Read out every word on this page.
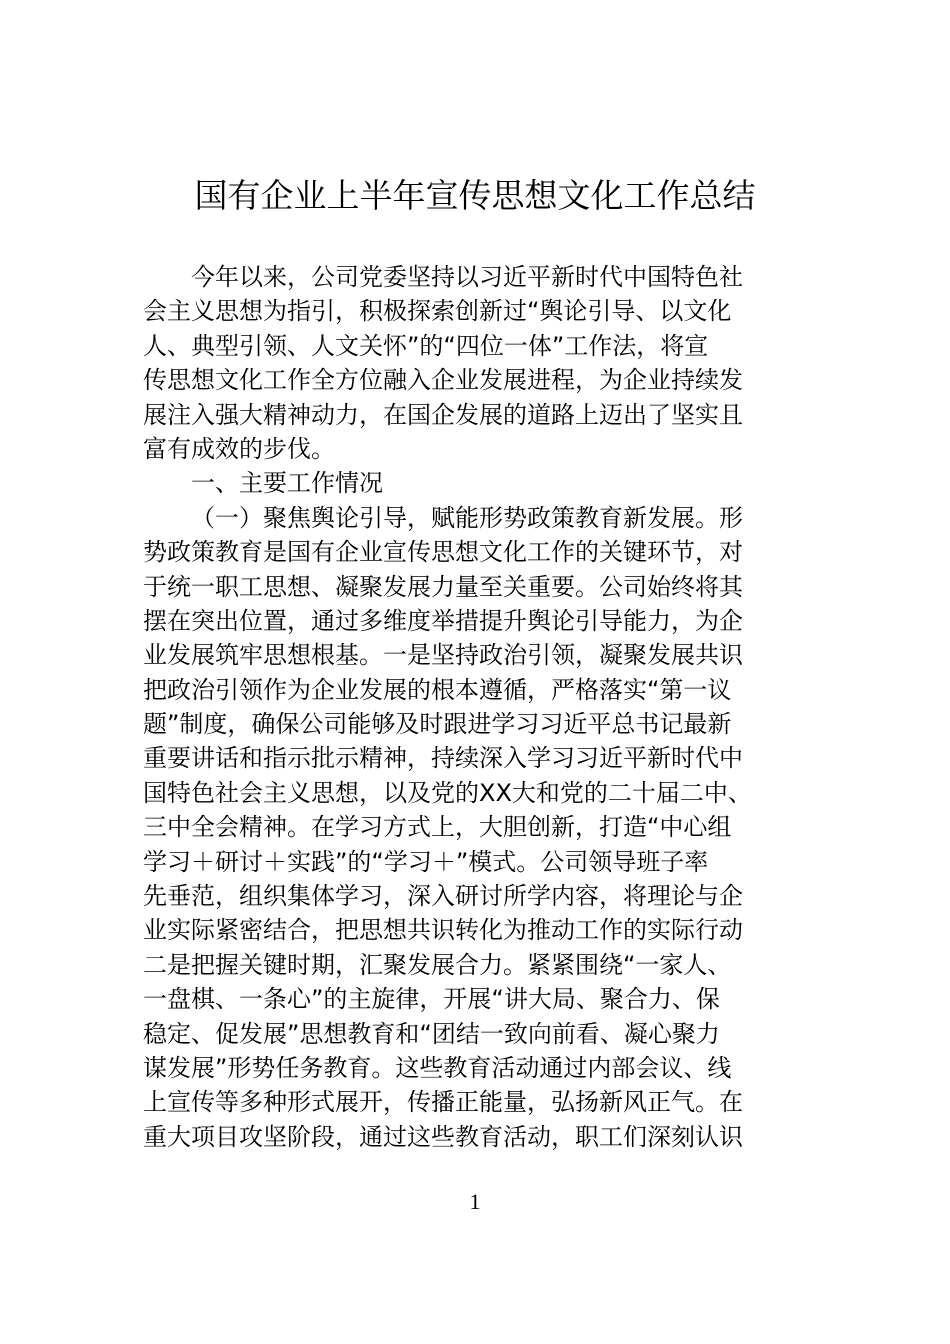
国有企业上半年宣传思想文化工作总结
今年以来，公司党委坚持以习近平新时代中国特色社
会主义思想为指引，积极探索创新过“舆论引导、以文化
人、典型引领、人文关怀”的“四位一体”工作法，将宣
传思想文化工作全方位融入企业发展进程，为企业持续发
展注入强大精神动力，在国企发展的道路上迈出了坚实且
富有成效的步伐。
一、主要工作情况
（一）聚焦舆论引导，赋能形势政策教育新发展。形
势政策教育是国有企业宣传思想文化工作的关键环节，对
于统一职工思想、凝聚发展力量至关重要。公司始终将其
摆在突出位置，通过多维度举措提升舆论引导能力，为企
业发展筑牢思想根基。一是坚持政治引领，凝聚发展共识
把政治引领作为企业发展的根本遵循，严格落实“第一议
题”制度，确保公司能够及时跟进学习习近平总书记最新
重要讲话和指示批示精神，持续深入学习习近平新时代中
国特色社会主义思想，以及党的XX大和党的二十届二中、
三中全会精神。在学习方式上，大胆创新，打造“中心组
学习＋研讨＋实践”的“学习＋”模式。公司领导班子率
先垂范，组织集体学习，深入研讨所学内容，将理论与企
业实际紧密结合，把思想共识转化为推动工作的实际行动
二是把握关键时期，汇聚发展合力。紧紧围绕“一家人、
一盘棋、一条心”的主旋律，开展“讲大局、聚合力、保
稳定、促发展”思想教育和“团结一致向前看、凝心聚力
谋发展”形势任务教育。这些教育活动通过内部会议、线
上宣传等多种形式展开，传播正能量，弘扬新风正气。在
重大项目攻坚阶段，通过这些教育活动，职工们深刻认识
1
